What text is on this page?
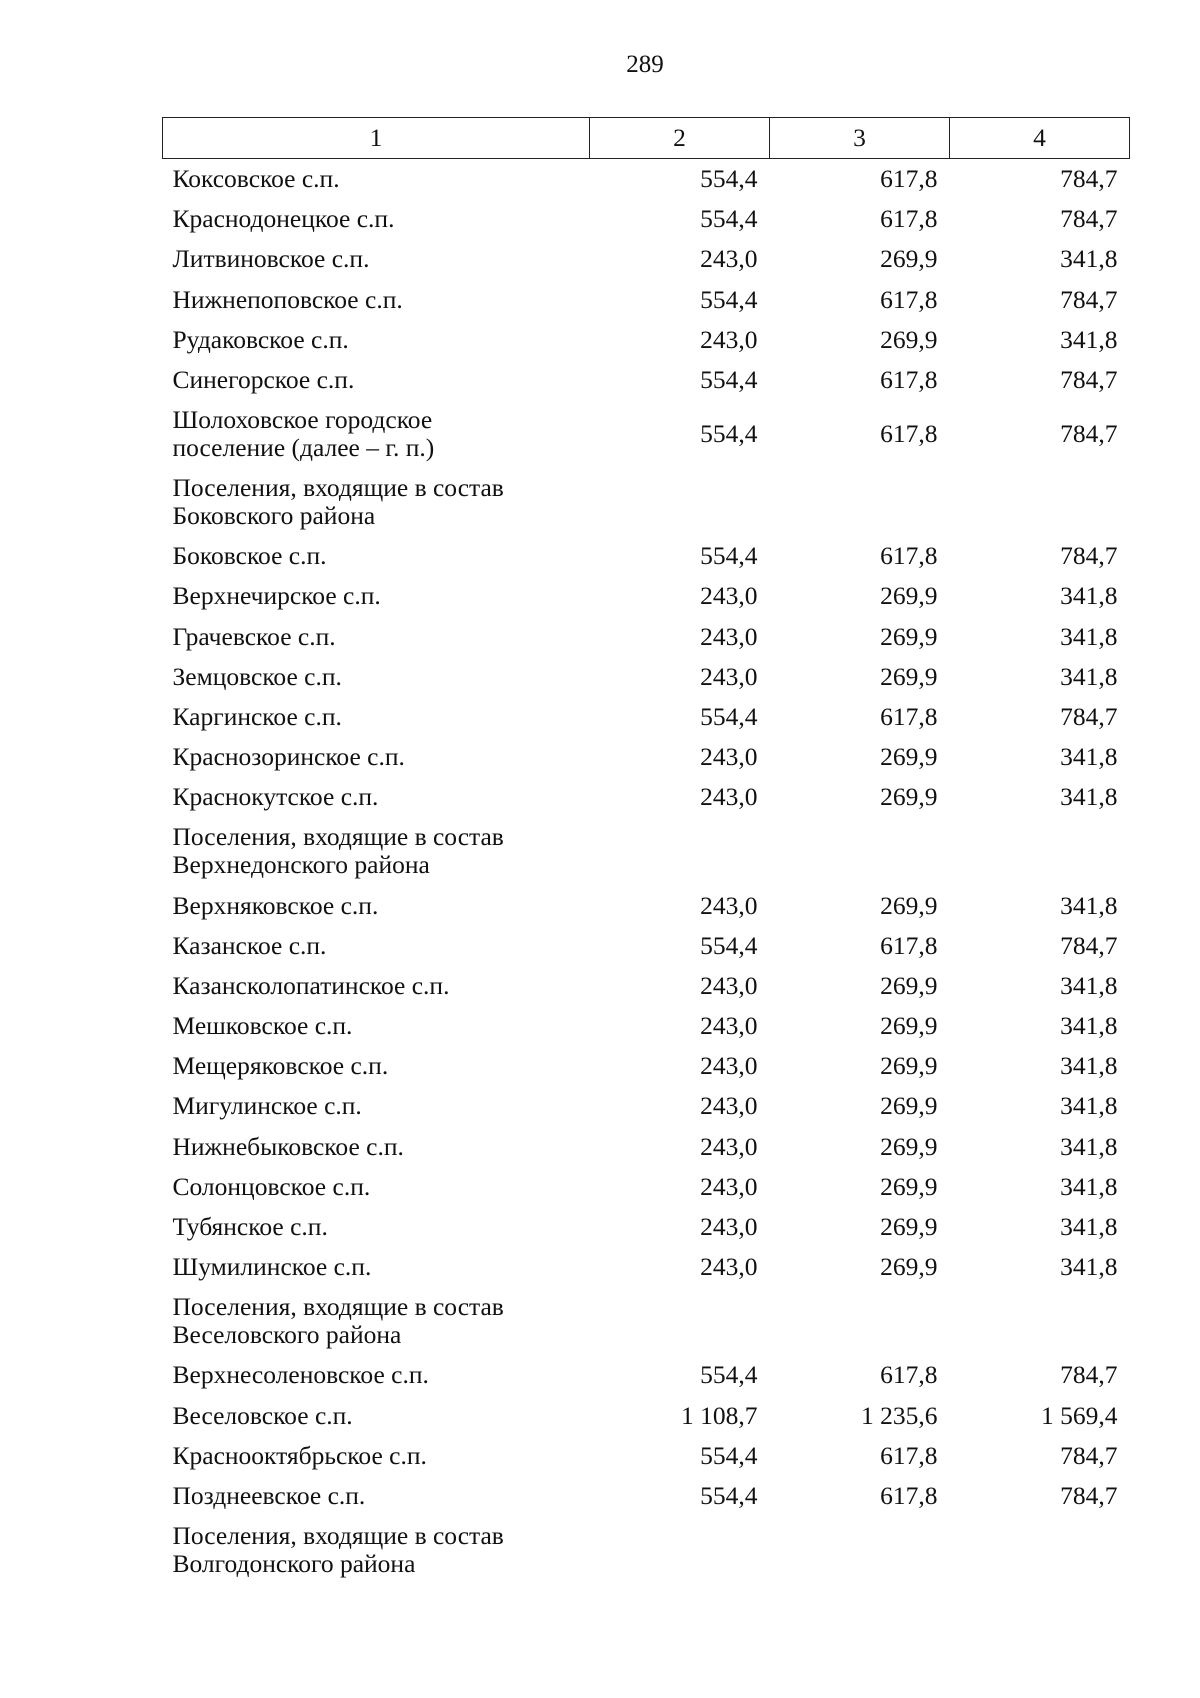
289
1	2	3	4
Коксовское с.п.	554,4	617,8	784,7
Краснодонецкое с.п.	554,4	617,8	784,7
Литвиновское с.п.	243,0	269,9	341,8
Нижнепоповское с.п.	554,4	617,8	784,7
Рудаковское с.п.	243,0	269,9	341,8
Синегорское с.п.	554,4	617,8	784,7

Шолоховское городское
поселение (далее – г. п.)	554,4	617,8	784,7

Поселения, входящие в состав
Боковского района			

Боковское с.п.	554,4	617,8	784,7
Верхнечирское с.п.	243,0	269,9	341,8
Грачевское с.п.	243,0	269,9	341,8
Земцовское с.п.	243,0	269,9	341,8
Каргинское с.п.	554,4	617,8	784,7
Краснозоринское с.п.	243,0	269,9	341,8
Краснокутское с.п.	243,0	269,9	341,8

Поселения, входящие в состав
Верхнедонского района			

Верхняковское с.п.	243,0	269,9	341,8
Казанское с.п.	554,4	617,8	784,7
Казансколопатинское с.п.	243,0	269,9	341,8
Мешковское с.п.	243,0	269,9	341,8
Мещеряковское с.п.	243,0	269,9	341,8
Мигулинское с.п.	243,0	269,9	341,8
Нижнебыковское с.п.	243,0	269,9	341,8
Солонцовское с.п.	243,0	269,9	341,8
Тубянское с.п.	243,0	269,9	341,8
Шумилинское с.п.	243,0	269,9	341,8

Поселения, входящие в состав
Веселовского района			

Верхнесоленовское с.п.	554,4	617,8	784,7
Веселовское с.п.	1 108,7	1 235,6	1 569,4
Краснооктябрьское с.п.	554,4	617,8	784,7
Позднеевское с.п.	554,4	617,8	784,7

Поселения, входящие в состав
Волгодонского района			
